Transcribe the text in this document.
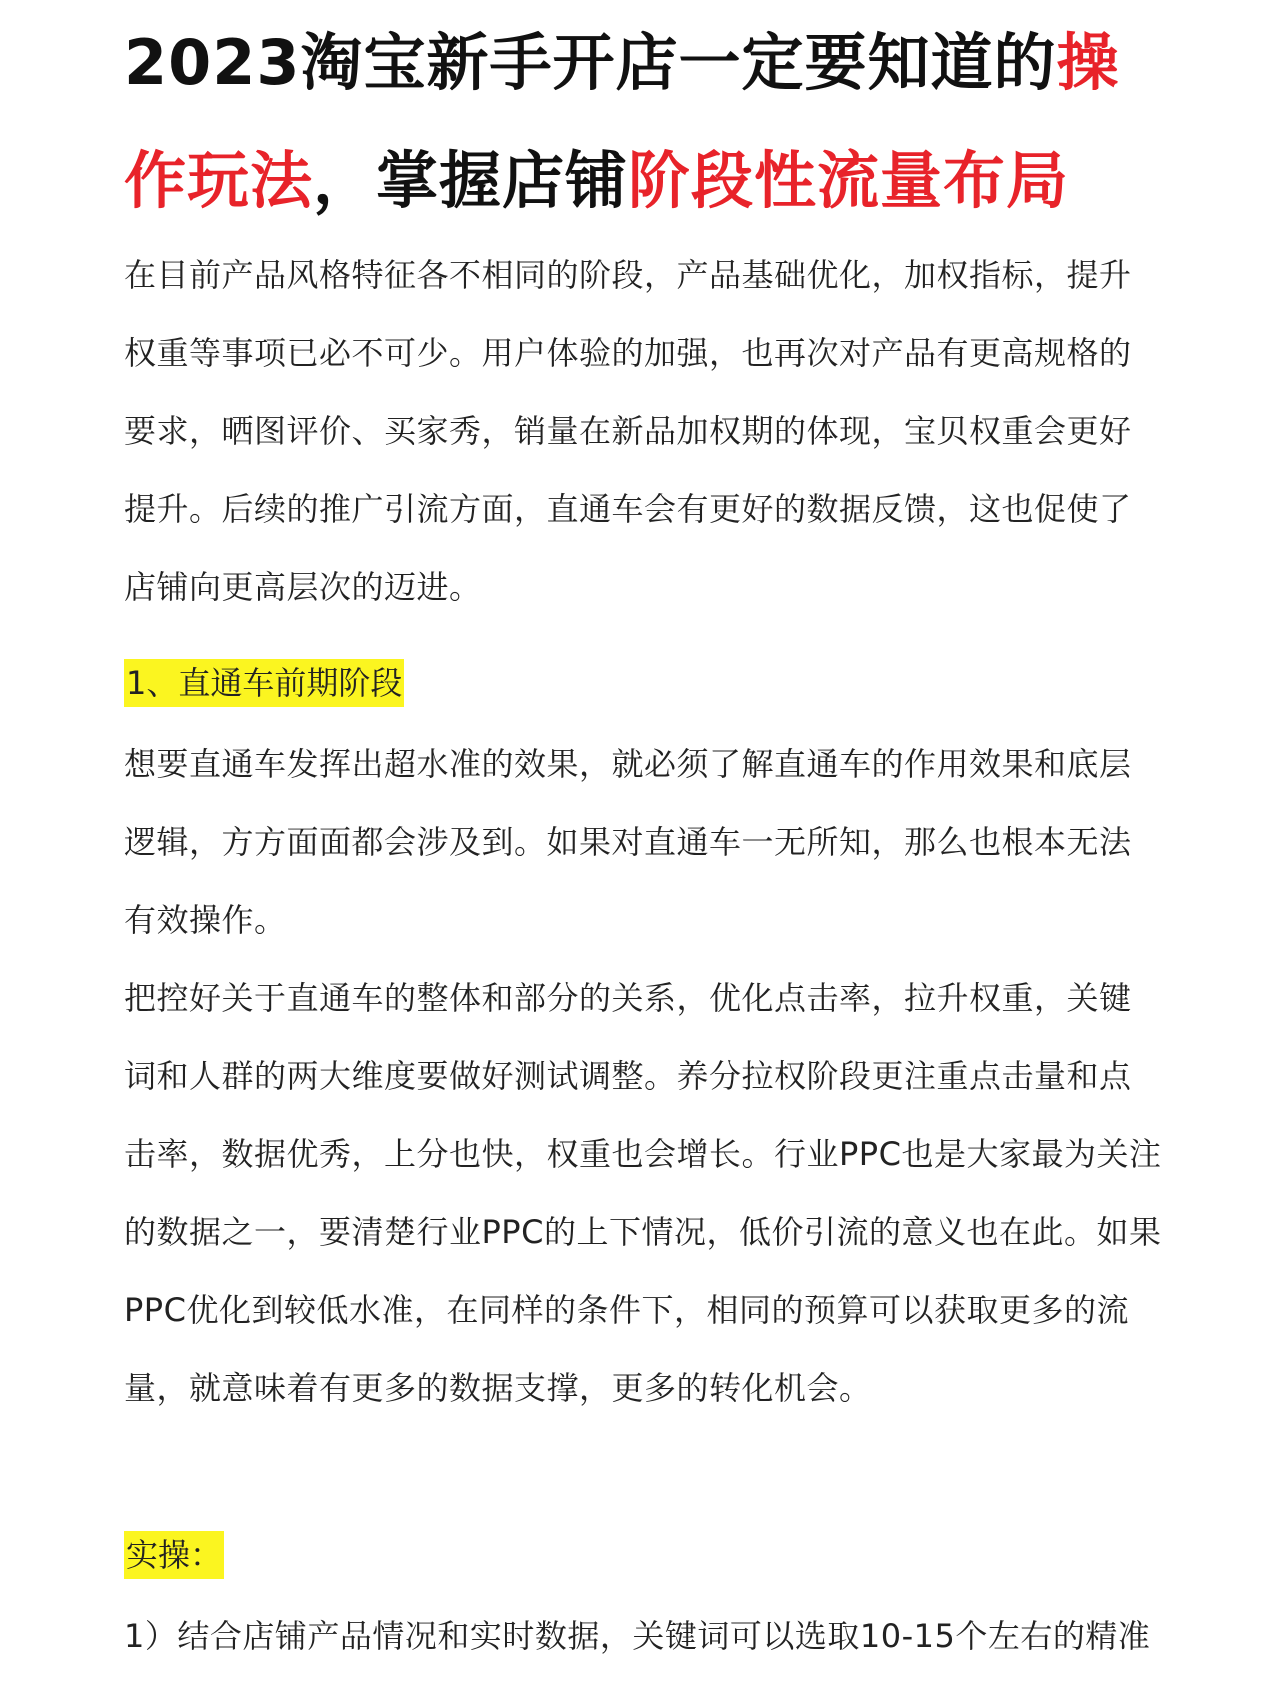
2023淘宝新手开店一定要知道的操作玩法，掌握店铺阶段性流量布局

在目前产品风格特征各不相同的阶段，产品基础优化，加权指标，提升权重等事项已必不可少。用户体验的加强，也再次对产品有更高规格的要求，晒图评价、买家秀，销量在新品加权期的体现，宝贝权重会更好提升。后续的推广引流方面，直通车会有更好的数据反馈，这也促使了店铺向更高层次的迈进。

1、直通车前期阶段

想要直通车发挥出超水准的效果，就必须了解直通车的作用效果和底层逻辑，方方面面都会涉及到。如果对直通车一无所知，那么也根本无法有效操作。

把控好关于直通车的整体和部分的关系，优化点击率，拉升权重，关键词和人群的两大维度要做好测试调整。养分拉权阶段更注重点击量和点击率，数据优秀，上分也快，权重也会增长。行业PPC也是大家最为关注的数据之一，要清楚行业PPC的上下情况，低价引流的意义也在此。如果PPC优化到较低水准，在同样的条件下，相同的预算可以获取更多的流量，就意味着有更多的数据支撑，更多的转化机会。

实操：

1）结合店铺产品情况和实时数据，关键词可以选取10-15个左右的精准
